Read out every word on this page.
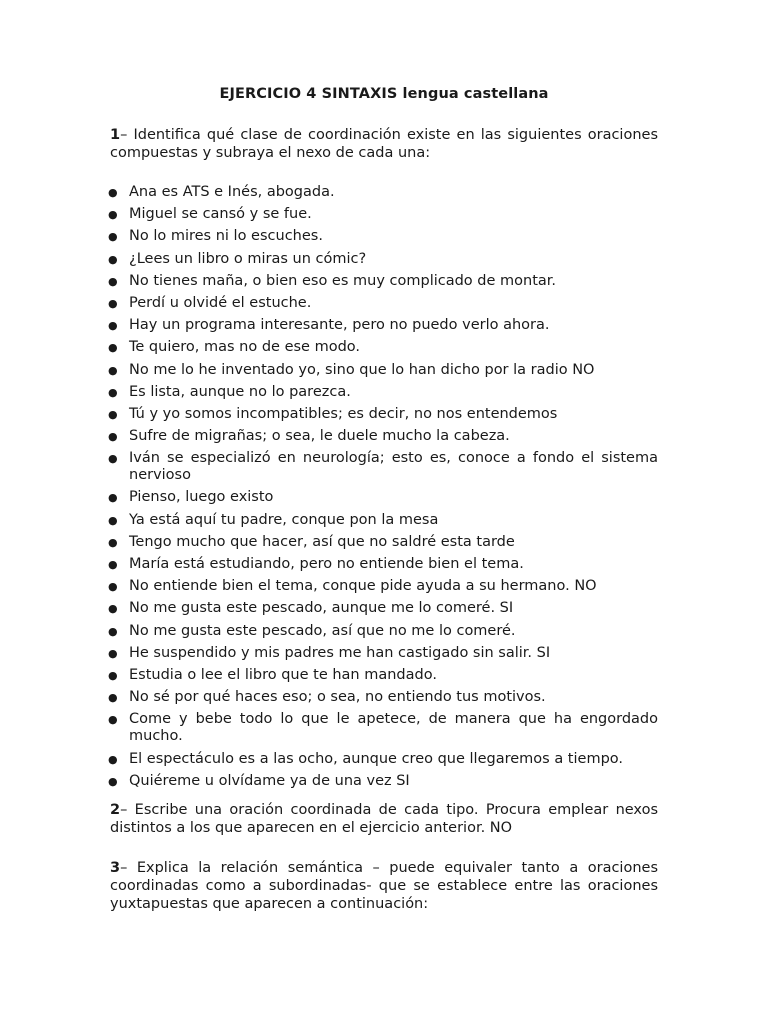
EJERCICIO 4 SINTAXIS lengua castellana
1– Identifica qué clase de coordinación existe en las siguientes oraciones compuestas y subraya el nexo de cada una:
● Ana es ATS e Inés, abogada.
● Miguel se cansó y se fue.
● No lo mires ni lo escuches.
● ¿Lees un libro o miras un cómic?
● No tienes maña, o bien eso es muy complicado de montar.
● Perdí u olvidé el estuche.
● Hay un programa interesante, pero no puedo verlo ahora.
● Te quiero, mas no de ese modo.
● No me lo he inventado yo, sino que lo han dicho por la radio NO
● Es lista, aunque no lo parezca.
● Tú y yo somos incompatibles; es decir, no nos entendemos
● Sufre de migrañas; o sea, le duele mucho la cabeza.
● Iván se especializó en neurología; esto es, conoce a fondo el sistema nervioso
● Pienso, luego existo
● Ya está aquí tu padre, conque pon la mesa
● Tengo mucho que hacer, así que no saldré esta tarde
● María está estudiando, pero no entiende bien el tema.
● No entiende bien el tema, conque pide ayuda a su hermano. NO
● No me gusta este pescado, aunque me lo comeré. SI
● No me gusta este pescado, así que no me lo comeré.
● He suspendido y mis padres me han castigado sin salir. SI
● Estudia o lee el libro que te han mandado.
● No sé por qué haces eso; o sea, no entiendo tus motivos.
● Come y bebe todo lo que le apetece, de manera que ha engordado mucho.
● El espectáculo es a las ocho, aunque creo que llegaremos a tiempo.
● Quiéreme u olvídame ya de una vez SI
2– Escribe una oración coordinada de cada tipo. Procura emplear nexos distintos a los que aparecen en el ejercicio anterior. NO
3– Explica la relación semántica – puede equivaler tanto a oraciones coordinadas como a subordinadas- que se establece entre las oraciones yuxtapuestas que aparecen a continuación:
